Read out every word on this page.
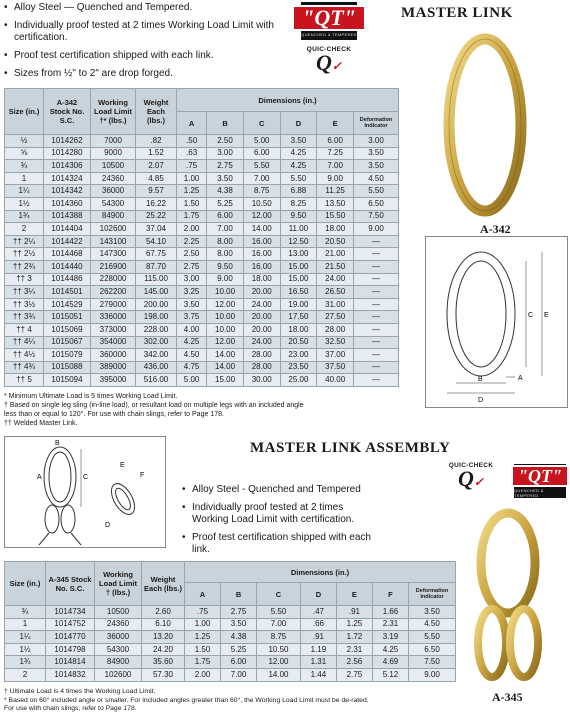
• Alloy Steel — Quenched and Tempered.
• Individually proof tested at 2 times Working Load Limit with certification.
• Proof test certification shipped with each link.
• Sizes from ½" to 2" are drop forged.
"QT"
QUENCHED & TEMPERED
MASTER LINK
QUIC-CHECK
Q✓
A-342
Size (in.)	A-342 Stock No. S.C.	Working Load Limit †* (lbs.)	Weight Each (lbs.)	Dimensions (in.)					
				A	B	C	D	E	Deformation Indicator
½	1014262	7000	.82	.50	2.50	5.00	3.50	6.00	3.00
⅝	1014280	9000	1.52	.63	3.00	6.00	4.25	7.25	3.50
¾	1014306	10500	2.07	.75	2.75	5.50	4.25	7.00	3.50
1	1014324	24360	4.85	1.00	3.50	7.00	5.50	9.00	4.50
1¼	1014342	36000	9.57	1.25	4.38	8.75	6.88	11.25	5.50
1½	1014360	54300	16.22	1.50	5.25	10.50	8.25	13.50	6.50
1¾	1014388	84900	25.22	1.75	6.00	12.00	9.50	15.50	7.50
2	1014404	102600	37.04	2.00	7.00	14.00	11.00	18.00	9.00
†† 2¼	1014422	143100	54.10	2.25	8.00	16.00	12.50	20.50	—
†† 2½	1014468	147300	67.75	2.50	8.00	16.00	13.00	21.00	—
†† 2¾	1014440	216900	87.70	2.75	9.50	16.00	15.00	21.50	—
†† 3	1014486	228000	115.00	3.00	9.00	18.00	15.00	24.00	—
†† 3¼	1014501	262200	145.00	3.25	10.00	20.00	16.50	26.50	—
†† 3½	1014529	279000	200.00	3.50	12.00	24.00	19.00	31.00	—
†† 3¾	1015051	336000	198.00	3.75	10.00	20.00	17.50	27.50	—
†† 4	1015069	373000	228.00	4.00	10.00	20.00	18.00	28.00	—
†† 4¼	1015067	354000	302.00	4.25	12.00	24.00	20.50	32.50	—
†† 4½	1015079	360000	342.00	4.50	14.00	28.00	23.00	37.00	—
†† 4¾	1015088	389000	436.00	4.75	14.00	28.00	23.50	37.50	—
†† 5	1015094	395000	516.00	5.00	15.00	30.00	25.00	40.00	—
C E
B
D
A
* Minimum Ultimate Load is 5 times Working Load Limit.
† Based on single leg sling (in-line load), or resultant load on multiple legs with an included angle
less than or equal to 120°. For use with chain slings, refer to Page 178.
†† Welded Master Link.
MASTER LINK ASSEMBLY
B
C
A
E
F
D
• Alloy Steel - Quenched and Tempered
• Individually proof tested at 2 times Working Load Limit with certification.
• Proof test certification shipped with each link.
QUIC-CHECK
Q✓	"QT"
QUENCHED & TEMPERED
A-345
Size (in.)	A-345 Stock No. S.C.	Working Load Limit † (lbs.)	Weight Each (lbs.)	Dimensions (in.)						
				A	B	C	D	E	F	Deformation Indicator
¾	1014734	10500	2.60	.75	2.75	5.50	.47	.91	1.66	3.50
1	1014752	24360	6.10	1.00	3.50	7.00	.66	1.25	2.31	4.50
1¼	1014770	36000	13.20	1.25	4.38	8.75	.91	1.72	3.19	5.50
1½	1014798	54300	24.20	1.50	5.25	10.50	1.19	2.31	4.25	6.50
1¾	1014814	84900	35.60	1.75	6.00	12.00	1.31	2.56	4.69	7.50
2	1014832	102600	57.30	2.00	7.00	14.00	1.44	2.75	5.12	9.00
† Ultimate Load is 4 times the Working Load Limit.
* Based on 60° included angle or smaller. For included angles greater than 60°, the Working Load Limit must be de-rated.
For use with chain slings, refer to Page 178.
